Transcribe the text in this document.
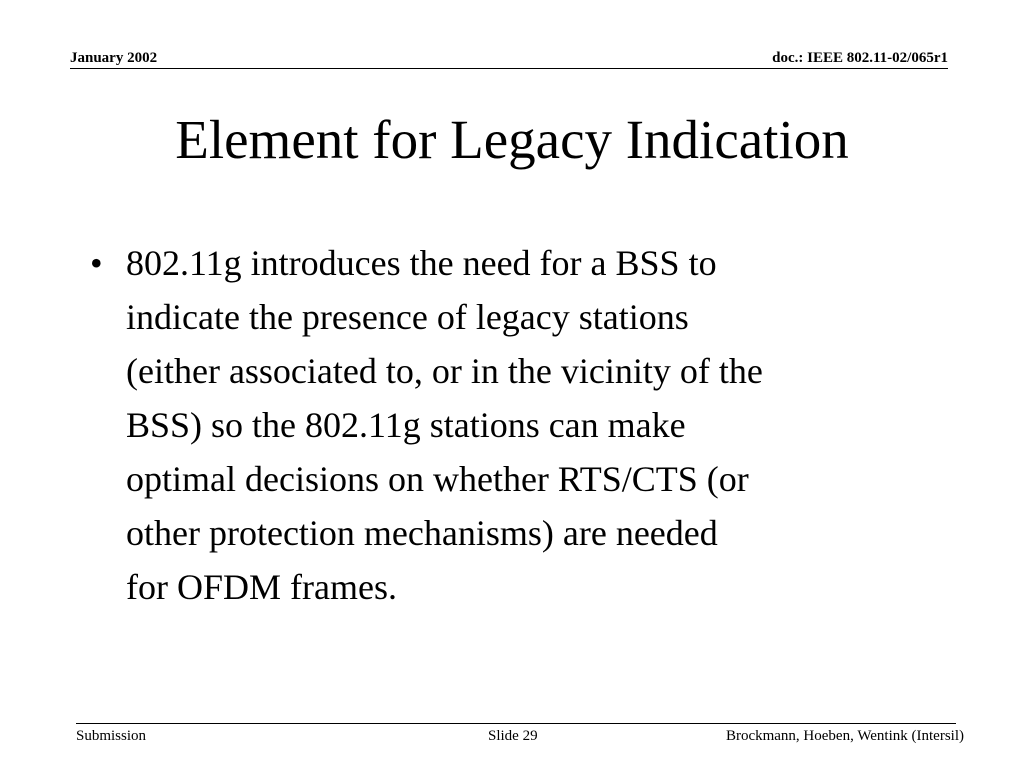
January 2002	doc.: IEEE 802.11-02/065r1
Element for Legacy Indication
• 802.11g introduces the need for a BSS to
indicate the presence of legacy stations
(either associated to, or in the vicinity of the
BSS) so the 802.11g stations can make
optimal decisions on whether RTS/CTS (or
other protection mechanisms) are needed
for OFDM frames.
Submission	Slide 29	Brockmann, Hoeben, Wentink (Intersil)
